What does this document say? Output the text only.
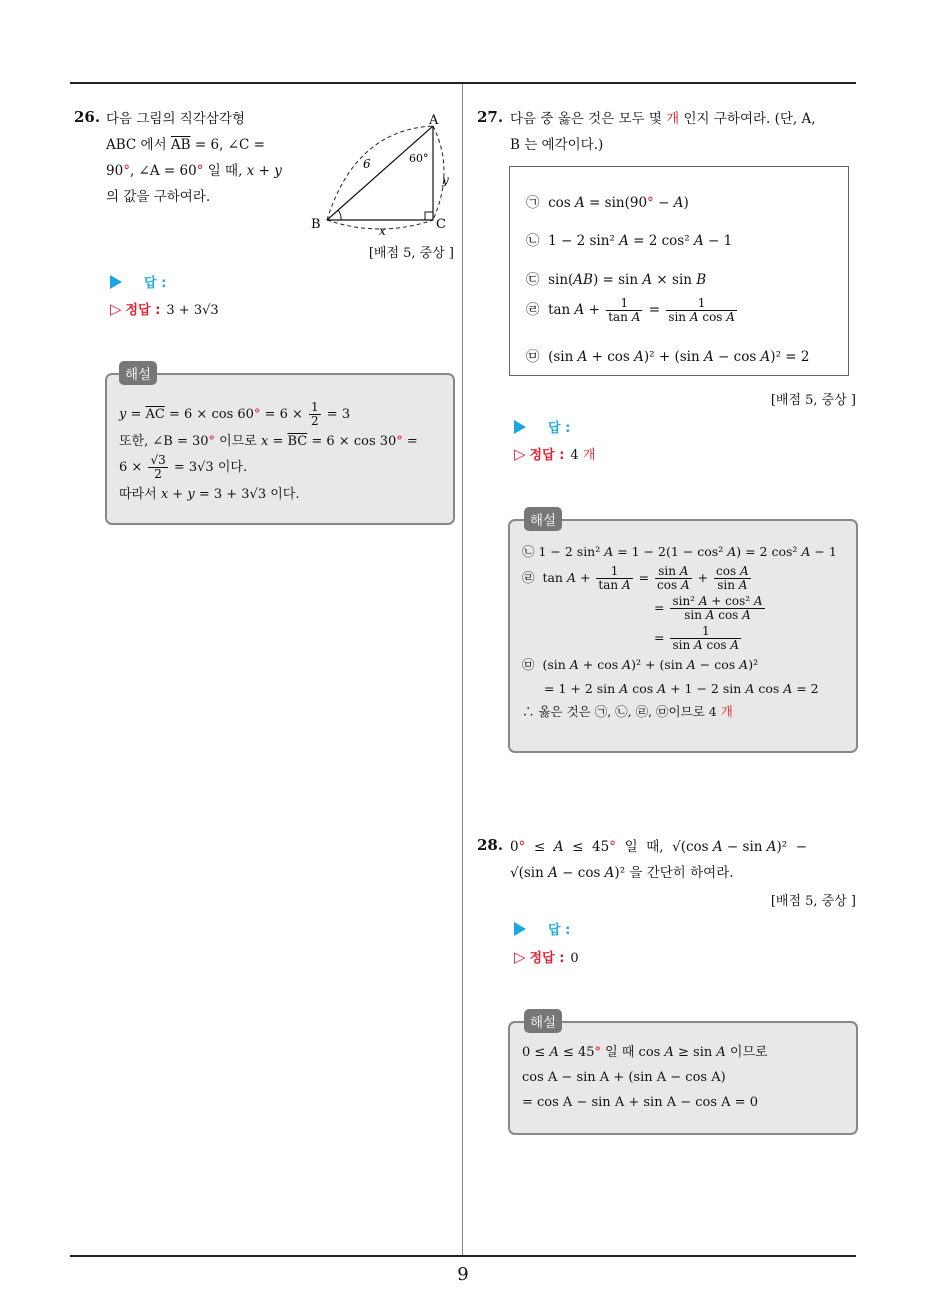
9
26. 다음 그림의 직각삼각형
ABC 에서 $\overline{AB} = 6$, ∠C =
90°, ∠A = 60° 일 때, x + y
의 값을 구하여라.
A
B	C
6	60°
y
x
[배점 5, 중상 ]
답 :
▷ 정답 : 3 + 3√3
$y = \overline{AC} = 6 \times \cos 60^\circ = 6 \times \frac{1}{2} = 3$
또한, ∠B = 30° 이므로 $x = \overline{BC} = 6 \times \cos 30^\circ$ =
$6 \times \frac{√3}{2} = 3√3$ 이다.
따라서 x + y = 3 + 3√3 이다.
해설
27. 다음 중 옳은 것은 모두 몇 개 인지 구하여라. (단, A,
B 는 예각이다.)
㉠  cos A = sin(90° − A)
㉡  1 − 2 sin² A = 2 cos² A − 1
㉢  sin(AB) = sin A × sin B
㉣  $\tan A + \frac{1}{\text{tan A}} = \frac{1}{\text{sin A cos A}}$
㉤  (sin A + cos A)² + (sin A − cos A)² = 2
[배점 5, 중상 ]
답 :
▷ 정답 : 4 개
㉡ 1 − 2 sin² A = 1 − 2(1 − cos² A) = 2 cos² A − 1
㉣  $\tan A + \frac{1}{\text{tan A}} = \frac{\text{sin A}}{\text{cos A}} + \frac{\text{cos A}}{\text{sin A}}$
= $\frac{\text{sin² A + cos² A}}{\text{sin A cos A}}$
= $\frac{1}{\text{sin A cos A}}$
㉤  (sin A + cos A)² + (sin A − cos A)²
= 1 + 2 sin A cos A + 1 − 2 sin A cos A = 2
∴ 옳은 것은 ㉠, ㉡, ㉣, ㉤이므로 4 개
해설
28. 0°  ≤  A  ≤  45°  일  때,  √(cos A − sin A)²  −
√(sin A − cos A)² 을 간단히 하여라.
[배점 5, 중상 ]
답 :
▷ 정답 : 0
0 ≤ A ≤ 45° 일 때 cos A ≥ sin A 이므로
cos A − sin A + (sin A − cos A)
= cos A − sin A + sin A − cos A = 0
해설
